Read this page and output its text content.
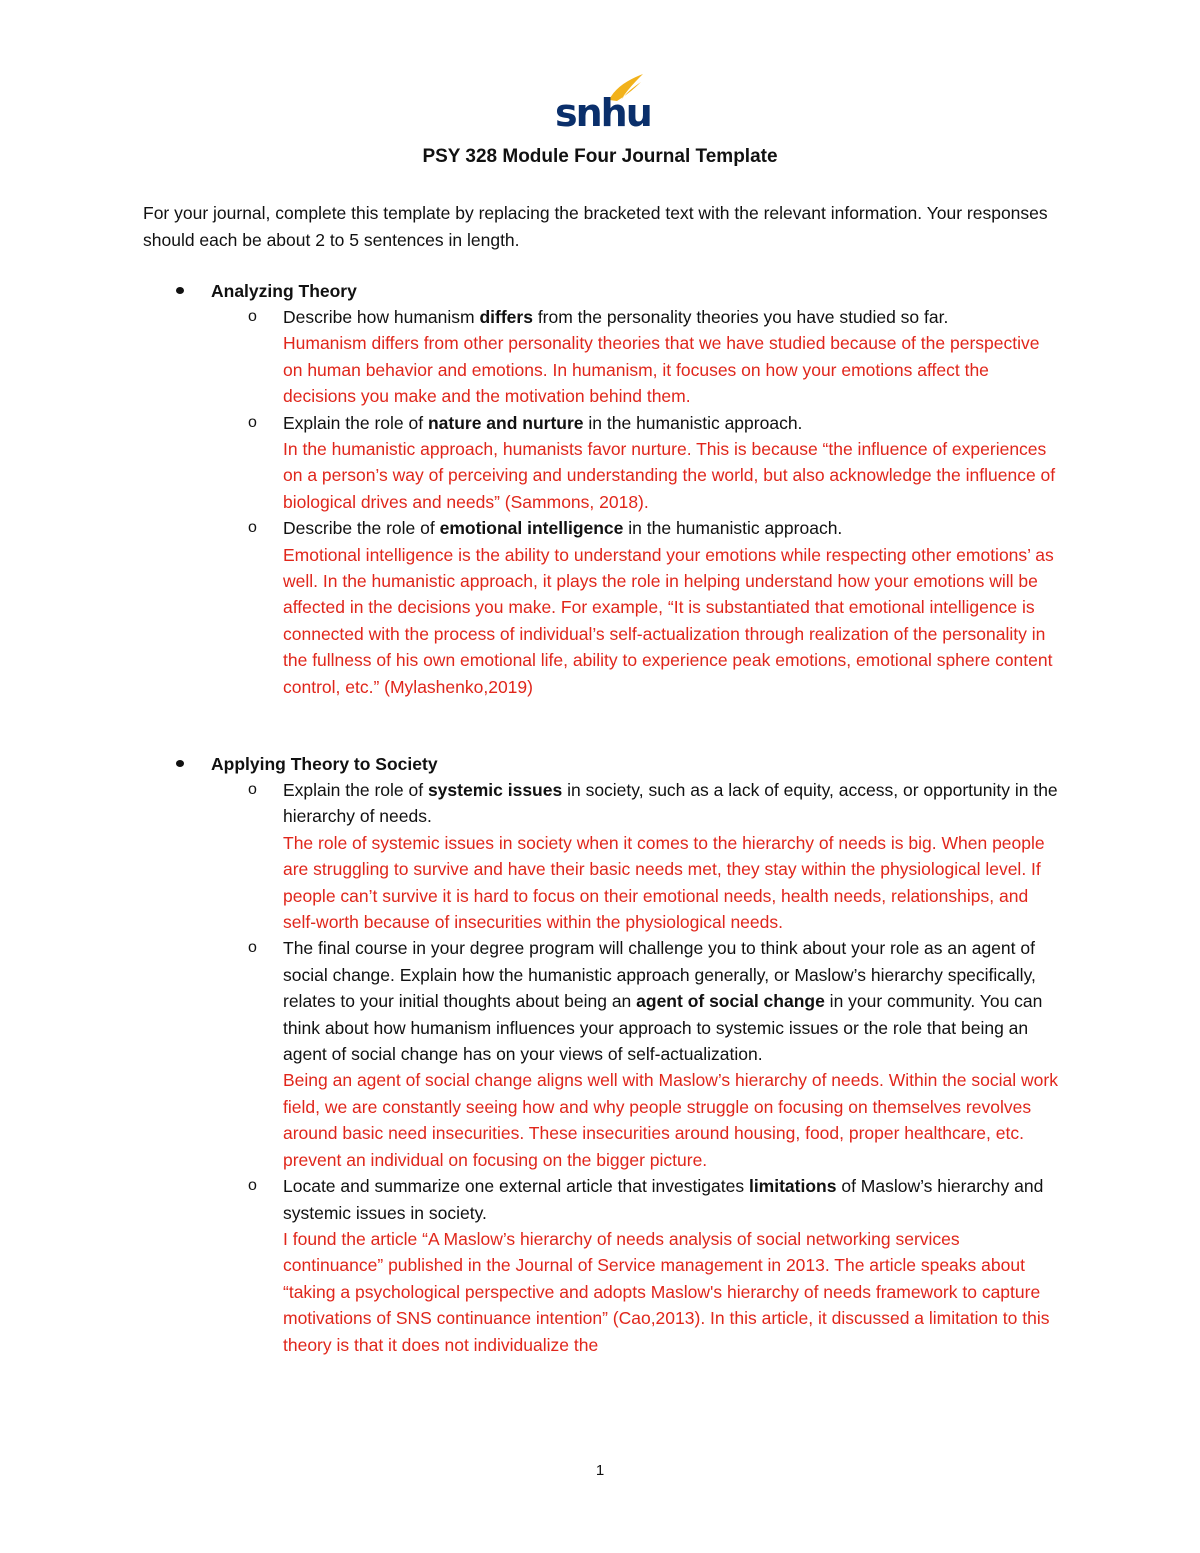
snhu
PSY 328 Module Four Journal Template
For your journal, complete this template by replacing the bracketed text with the relevant information. Your responses should each be about 2 to 5 sentences in length.
Analyzing Theory
o Describe how humanism differs from the personality theories you have studied so far.
Humanism differs from other personality theories that we have studied because of the perspective on human behavior and emotions. In humanism, it focuses on how your emotions affect the decisions you make and the motivation behind them.
o Explain the role of nature and nurture in the humanistic approach.
In the humanistic approach, humanists favor nurture. This is because “the influence of experiences on a person’s way of perceiving and understanding the world, but also acknowledge the influence of biological drives and needs” (Sammons, 2018).
o Describe the role of emotional intelligence in the humanistic approach.
Emotional intelligence is the ability to understand your emotions while respecting other emotions’ as well. In the humanistic approach, it plays the role in helping understand how your emotions will be affected in the decisions you make. For example, “It is substantiated that emotional intelligence is connected with the process of individual’s self-actualization through realization of the personality in the fullness of his own emotional life, ability to experience peak emotions, emotional sphere content control, etc.” (Mylashenko,2019)
Applying Theory to Society
o Explain the role of systemic issues in society, such as a lack of equity, access, or opportunity in the hierarchy of needs.
The role of systemic issues in society when it comes to the hierarchy of needs is big. When people are struggling to survive and have their basic needs met, they stay within the physiological level. If people can’t survive it is hard to focus on their emotional needs, health needs, relationships, and self-worth because of insecurities within the physiological needs.
o The final course in your degree program will challenge you to think about your role as an agent of social change. Explain how the humanistic approach generally, or Maslow’s hierarchy specifically, relates to your initial thoughts about being an agent of social change in your community. You can think about how humanism influences your approach to systemic issues or the role that being an agent of social change has on your views of self-actualization.
Being an agent of social change aligns well with Maslow’s hierarchy of needs. Within the social work field, we are constantly seeing how and why people struggle on focusing on themselves revolves around basic need insecurities. These insecurities around housing, food, proper healthcare, etc. prevent an individual on focusing on the bigger picture.
o Locate and summarize one external article that investigates limitations of Maslow’s hierarchy and systemic issues in society.
I found the article “A Maslow’s hierarchy of needs analysis of social networking services continuance” published in the Journal of Service management in 2013. The article speaks about “taking a psychological perspective and adopts Maslow's hierarchy of needs framework to capture motivations of SNS continuance intention” (Cao,2013). In this article, it discussed a limitation to this theory is that it does not individualize the
1
